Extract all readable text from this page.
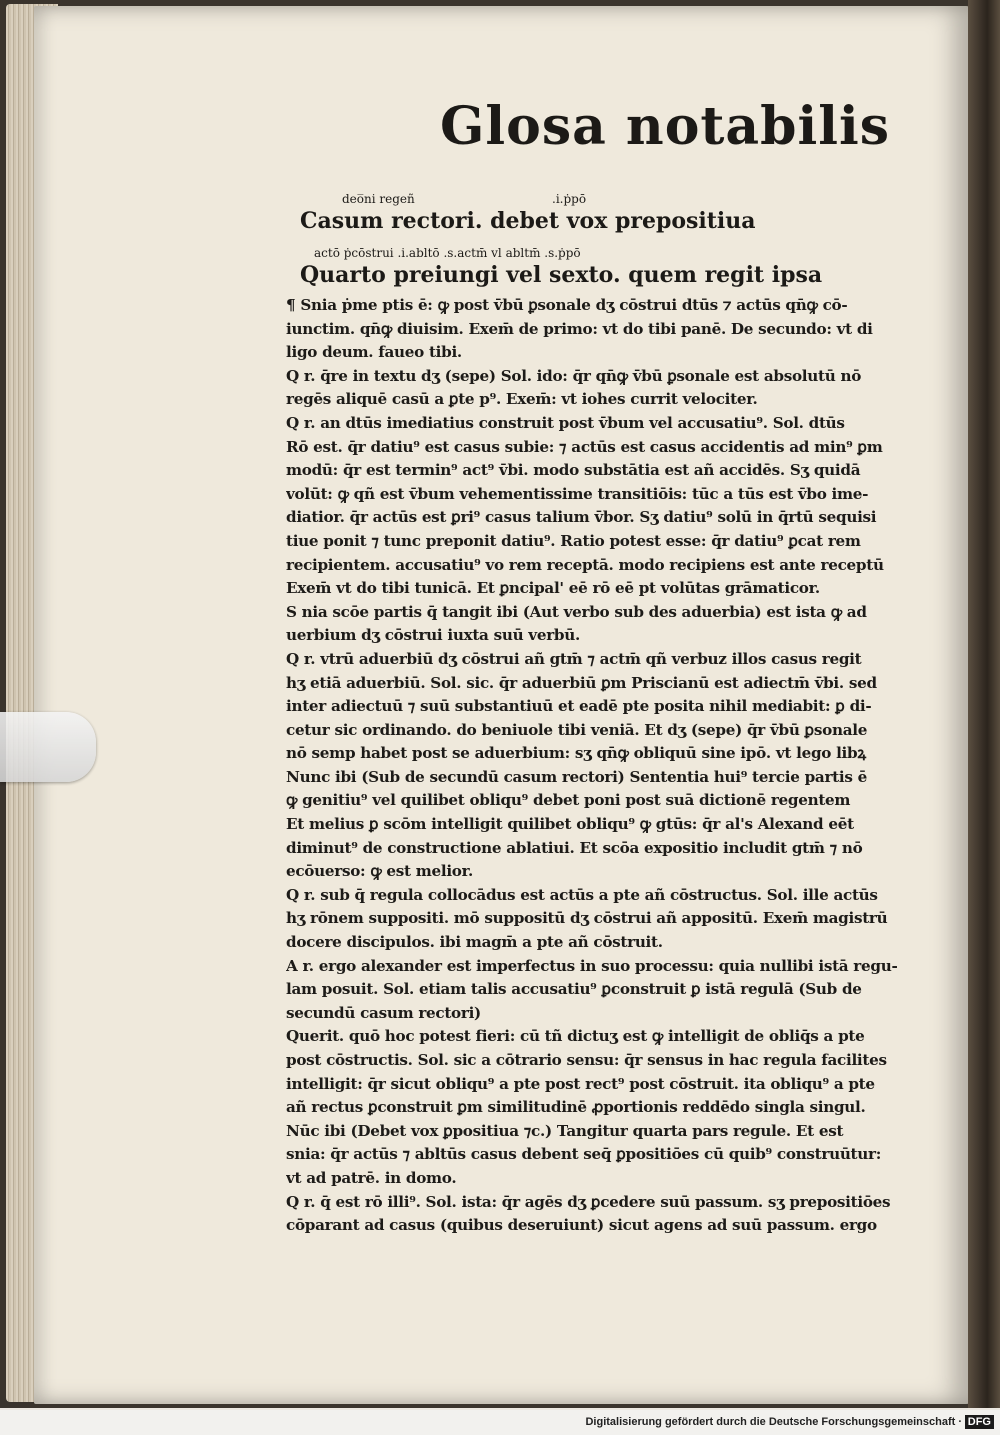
Glosa notabilis
deo̅ni regeñ	.i.ṗpō
Casum rectori. debet vox prepositiua
actō ṗcōstrui .i.abltō .s.actm̄ vl abltm̄ .s.ṗpō
Quarto preiungi vel sexto. quem regit ipsa
¶ Snia ṗme ptis ē: ꝙ post v̄bū ꝑsonale dʒ cōstrui dtūs ⁊ actūs qn̄ꝙ cō-
iunctim. qn̄ꝙ diuisim. Exem̄ de primo: vt do tibi panē. De secundo: vt di
ligo deum. faueo tibi.
Q r. q̄re in textu dʒ (sepe) Sol. ido: q̄r qn̄ꝙ v̄bū ꝑsonale est absolutū nō
regēs aliquē casū a ꝑte p⁹. Exem̄: vt iohes currit velociter.
Q r. an dtūs imediatius construit post v̄bum vel accusatiu⁹. Sol. dtūs
Rō est. q̄r datiu⁹ est casus subie: ⁊ actūs est casus accidentis ad min⁹ ꝑm
modū: q̄r est termin⁹ act⁹ v̄bi. modo substātia est añ accidēs. Sʒ quidā
volūt: ꝙ qñ est v̄bum vehementissime transitiōis: tūc a tūs est v̄bo ime-
diatior. q̄r actūs est ꝑri⁹ casus talium v̄bor. Sʒ datiu⁹ solū in q̄rtū sequisi
tiue ponit ⁊ tunc preponit datiu⁹. Ratio potest esse: q̄r datiu⁹ ꝑcat rem
recipientem. accusatiu⁹ vo rem receptā. modo recipiens est ante receptū
Exem̄ vt do tibi tunicā. Et ꝑncipal' eē rō eē pt volūtas grāmaticor.
S nia scōe partis q̄ tangit ibi (Aut verbo sub des aduerbia) est ista ꝙ ad
uerbium dʒ cōstrui iuxta suū verbū.
Q r. vtrū aduerbiū dʒ cōstrui añ gtm̄ ⁊ actm̄ qñ verbuz illos casus regit
hʒ etiā aduerbiū. Sol. sic. q̄r aduerbiū ꝑm Priscianū est adiectm̄ v̄bi. sed
inter adiectuū ⁊ suū substantiuū et eadē pte posita nihil mediabit: ꝑ di-
cetur sic ordinando. do beniuole tibi veniā. Et dʒ (sepe) q̄r v̄bū ꝑsonale
nō semp habet post se aduerbium: sʒ qn̄ꝙ obliquū sine ipō. vt lego libꝝ
Nunc ibi (Sub de secundū casum rectori) Sententia hui⁹ tercie partis ē
ꝙ genitiu⁹ vel quilibet obliqu⁹ debet poni post suā dictionē regentem
Et melius ꝑ scōm intelligit quilibet obliqu⁹ ꝙ gtūs: q̄r al's Alexand eēt
diminut⁹ de constructione ablatiui. Et scōa expositio includit gtm̄ ⁊ nō
ecōuerso: ꝙ est melior.
Q r. sub q̄ regula collocādus est actūs a pte añ cōstructus. Sol. ille actūs
hʒ rōnem suppositi. mō suppositū dʒ cōstrui añ appositū. Exem̄ magistrū
docere discipulos. ibi magm̄ a pte añ cōstruit.
A r. ergo alexander est imperfectus in suo processu: quia nullibi istā regu-
lam posuit. Sol. etiam talis accusatiu⁹ ꝑconstruit ꝑ istā regulā (Sub de
secundū casum rectori)
Querit. quō hoc potest fieri: cū tñ dictuʒ est ꝙ intelligit de obliq̄s a pte
post cōstructis. Sol. sic a cōtrario sensu: q̄r sensus in hac regula facilites
intelligit: q̄r sicut obliqu⁹ a pte post rect⁹ post cōstruit. ita obliqu⁹ a pte
añ rectus ꝑconstruit ꝑm similitudinē ꝓportionis reddēdo singla singul.
Nūc ibi (Debet vox ꝑpositiua ⁊c.) Tangitur quarta pars regule. Et est
snia: q̄r actūs ⁊ abltūs casus debent seq̄ ꝑpositiōes cū quib⁹ construūtur:
vt ad patrē. in domo.
Q r. q̄ est rō illi⁹. Sol. ista: q̄r agēs dʒ ꝑcedere suū passum. sʒ prepositiōes
cōparant ad casus (quibus deseruiunt) sicut agens ad suū passum. ergo
Digitalisierung gefördert durch die Deutsche Forschungsgemeinschaft · DFG
